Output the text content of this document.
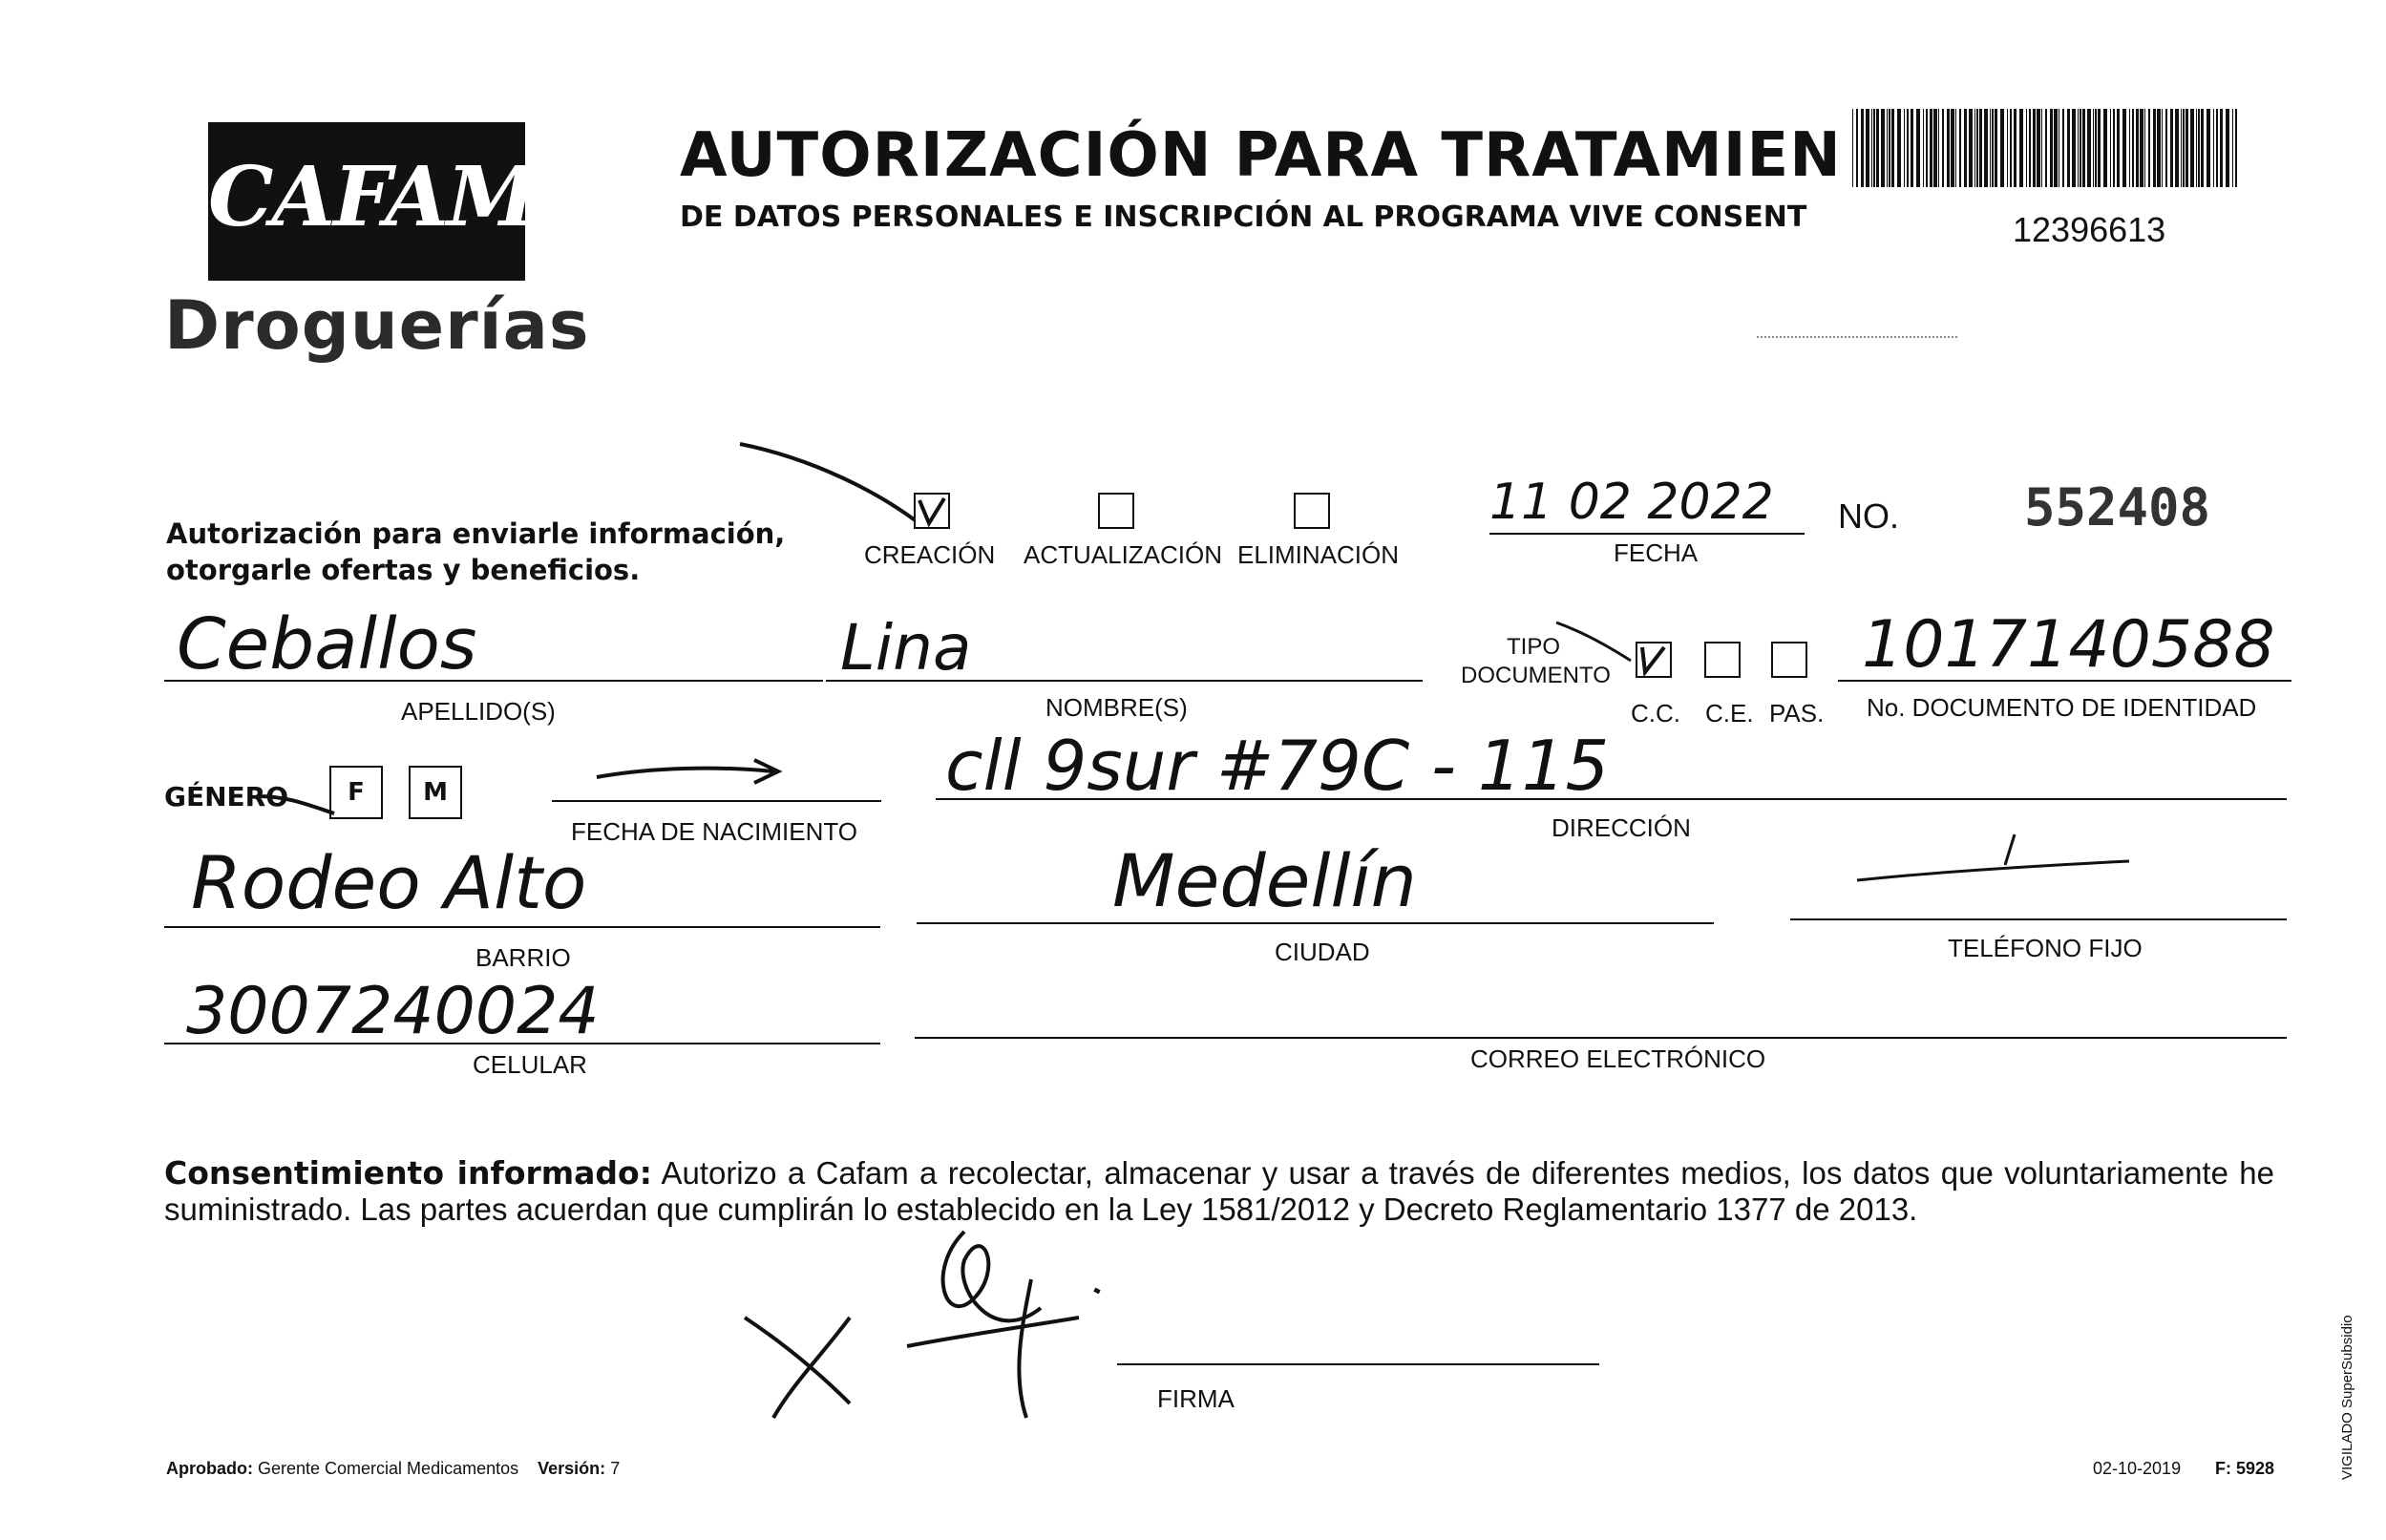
CAFAM
Droguerías
AUTORIZACIÓN PARA TRATAMIEN
DE DATOS PERSONALES E INSCRIPCIÓN AL PROGRAMA VIVE CONSENT	12396613
Autorización para enviarle información,
otorgarle ofertas y beneficios.	CREACIÓN ACTUALIZACIÓN ELIMINACIÓN
11 02 2022
FECHA
NO. 552408
Ceballos
APELLIDO(S)
Lina
NOMBRE(S)
TIPO
DOCUMENTO
C.C. C.E. PAS.
1017140588
No. DOCUMENTO DE IDENTIDAD
GÉNERO	F	M
FECHA DE NACIMIENTO
cll 9sur #79C - 115
DIRECCIÓN
Rodeo Alto
BARRIO
Medellín
CIUDAD	TELÉFONO FIJO
3007240024
CELULAR	CORREO ELECTRÓNICO
Consentimiento informado: Autorizo a Cafam a recolectar, almacenar y usar a través de diferentes medios, los datos que voluntariamente he suministrado. Las partes acuerdan que cumplirán lo establecido en la Ley 1581/2012 y Decreto Reglamentario 1377 de 2013.
FIRMA
Aprobado: Gerente Comercial Medicamentos Versión: 7	02-10-2019 F: 5928	VIGILADO SuperSubsidio
